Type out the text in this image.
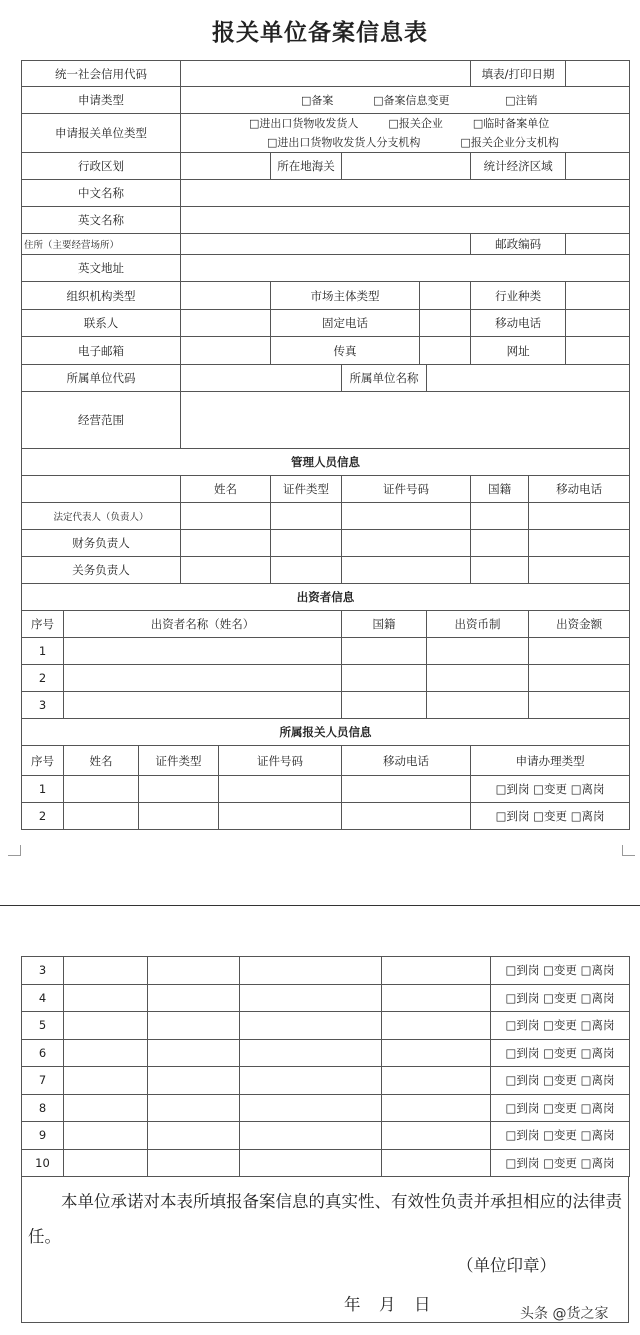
报关单位备案信息表
统一社会信用代码									填表/打印日期		
申请类型			□备案 □备案信息变更 □注销								
申请报关单位类型			□进出口货物收发货人 □报关企业 □临时备案单位
□进出口货物收发货人分支机构 □报关企业分支机构								

行政区划					所在地海关				统计经济区域		
中文名称											
英文名称											
住所（主要经营场所）									邮政编码		
英文地址											
组织机构类型					市场主体类型				行业种类		
联系人					固定电话				移动电话		
电子邮箱					传真				网址		
所属单位代码						所属单位名称					
经营范围											
管理人员信息											
			姓名		证件类型	证件号码			国籍	移动电话	
法定代表人（负责人）											
财务负责人											
关务负责人											
出资者信息											
序号	出资者名称（姓名）					国籍		出资币制		出资金额	
1											
2											
3											
所属报关人员信息											
序号	姓名	证件类型		证件号码		移动电话			申请办理类型		
1									□到岗 □变更 □离岗		
2									□到岗 □变更 □离岗		
3					□到岗 □变更 □离岗
4					□到岗 □变更 □离岗
5					□到岗 □变更 □离岗
6					□到岗 □变更 □离岗
7					□到岗 □变更 □离岗
8					□到岗 □变更 □离岗
9					□到岗 □变更 □离岗
10					□到岗 □变更 □离岗
本单位承诺对本表所填报备案信息的真实性、有效性负责并承担相应的法律责任。
（单位印章）
年　月　日	头条 @货之家
